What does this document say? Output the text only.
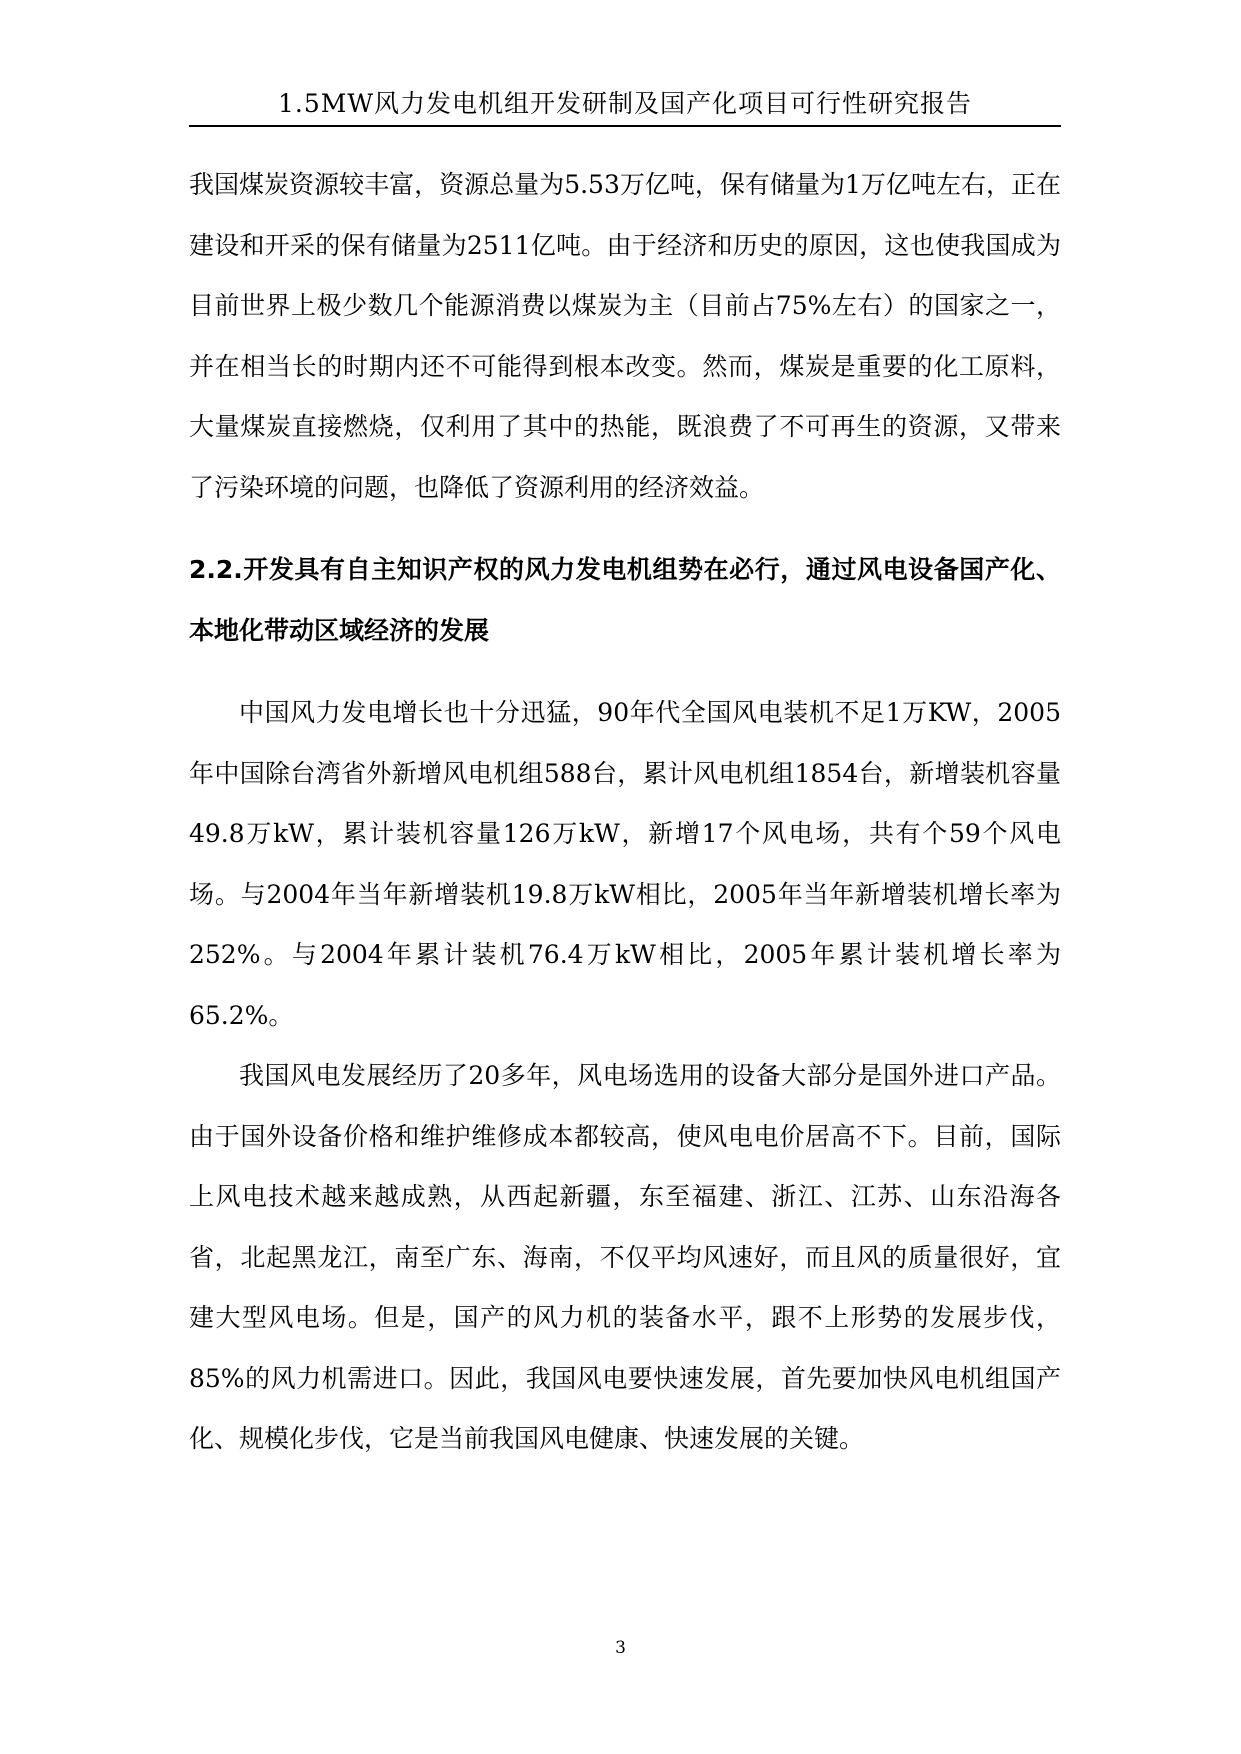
1.5MW风力发电机组开发研制及国产化项目可行性研究报告

我国煤炭资源较丰富，资源总量为5.53万亿吨，保有储量为1万亿吨左右，正在建设和开采的保有储量为2511亿吨。由于经济和历史的原因，这也使我国成为目前世界上极少数几个能源消费以煤炭为主（目前占75%左右）的国家之一，并在相当长的时期内还不可能得到根本改变。然而，煤炭是重要的化工原料，大量煤炭直接燃烧，仅利用了其中的热能，既浪费了不可再生的资源，又带来了污染环境的问题，也降低了资源利用的经济效益。

2.2.开发具有自主知识产权的风力发电机组势在必行，通过风电设备国产化、本地化带动区域经济的发展

中国风力发电增长也十分迅猛，90年代全国风电装机不足1万KW，2005年中国除台湾省外新增风电机组588台，累计风电机组1854台，新增装机容量49.8万kW，累计装机容量126万kW，新增17个风电场，共有个59个风电场。与2004年当年新增装机19.8万kW相比，2005年当年新增装机增长率为252%。与2004年累计装机76.4万kW相比，2005年累计装机增长率为65.2%。

我国风电发展经历了20多年，风电场选用的设备大部分是国外进口产品。由于国外设备价格和维护维修成本都较高，使风电电价居高不下。目前，国际上风电技术越来越成熟，从西起新疆，东至福建、浙江、江苏、山东沿海各省，北起黑龙江，南至广东、海南，不仅平均风速好，而且风的质量很好，宜建大型风电场。但是，国产的风力机的装备水平，跟不上形势的发展步伐，85%的风力机需进口。因此，我国风电要快速发展，首先要加快风电机组国产化、规模化步伐，它是当前我国风电健康、快速发展的关键。

3
